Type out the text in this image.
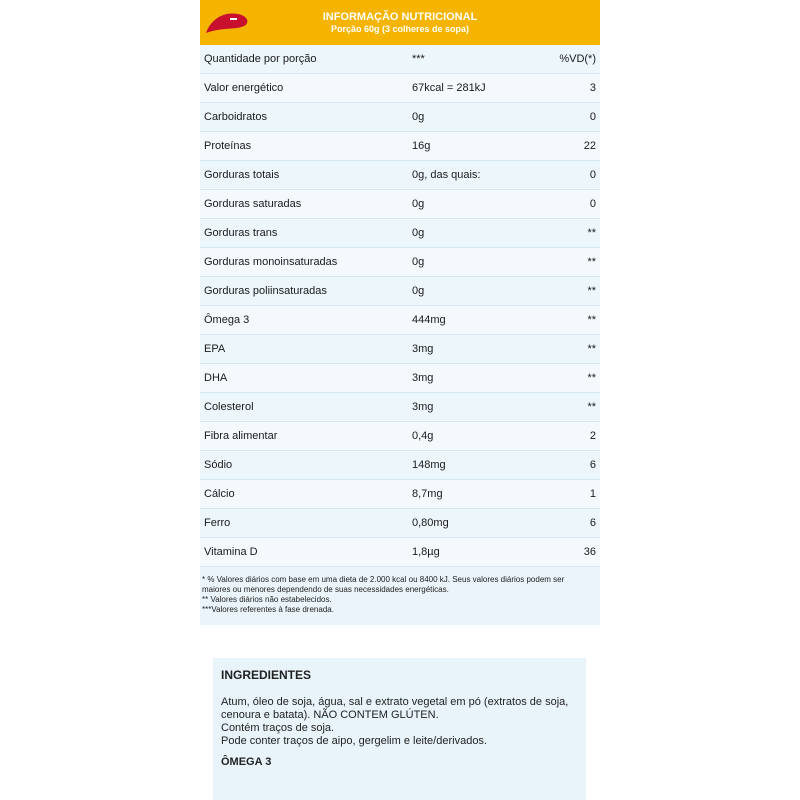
INFORMAÇÃO NUTRICIONAL
Porção 60g (3 colheres de sopa)
Quantidade por porção	***	%VD(*)
Valor energético	67kcal = 281kJ	3
Carboidratos	0g	0
Proteínas	16g	22
Gorduras totais	0g, das quais:	0
Gorduras saturadas	0g	0
Gorduras trans	0g	**
Gorduras monoinsaturadas	0g	**
Gorduras poliinsaturadas	0g	**
Ômega 3	444mg	**
EPA	3mg	**
DHA	3mg	**
Colesterol	3mg	**
Fibra alimentar	0,4g	2
Sódio	148mg	6
Cálcio	8,7mg	1
Ferro	0,80mg	6
Vitamina D	1,8µg	36
* % Valores diários com base em uma dieta de 2.000 kcal ou 8400 kJ. Seus valores diários podem ser
maiores ou menores dependendo de suas necessidades energéticas.
** Valores diários não estabelecidos.
***Valores referentes à fase drenada.
INGREDIENTES
Atum, óleo de soja, água, sal e extrato vegetal em pó (extratos de soja,
cenoura e batata). NÃO CONTEM GLÚTEN.
Contém traços de soja.
Pode conter traços de aipo, gergelim e leite/derivados.
ÔMEGA 3
